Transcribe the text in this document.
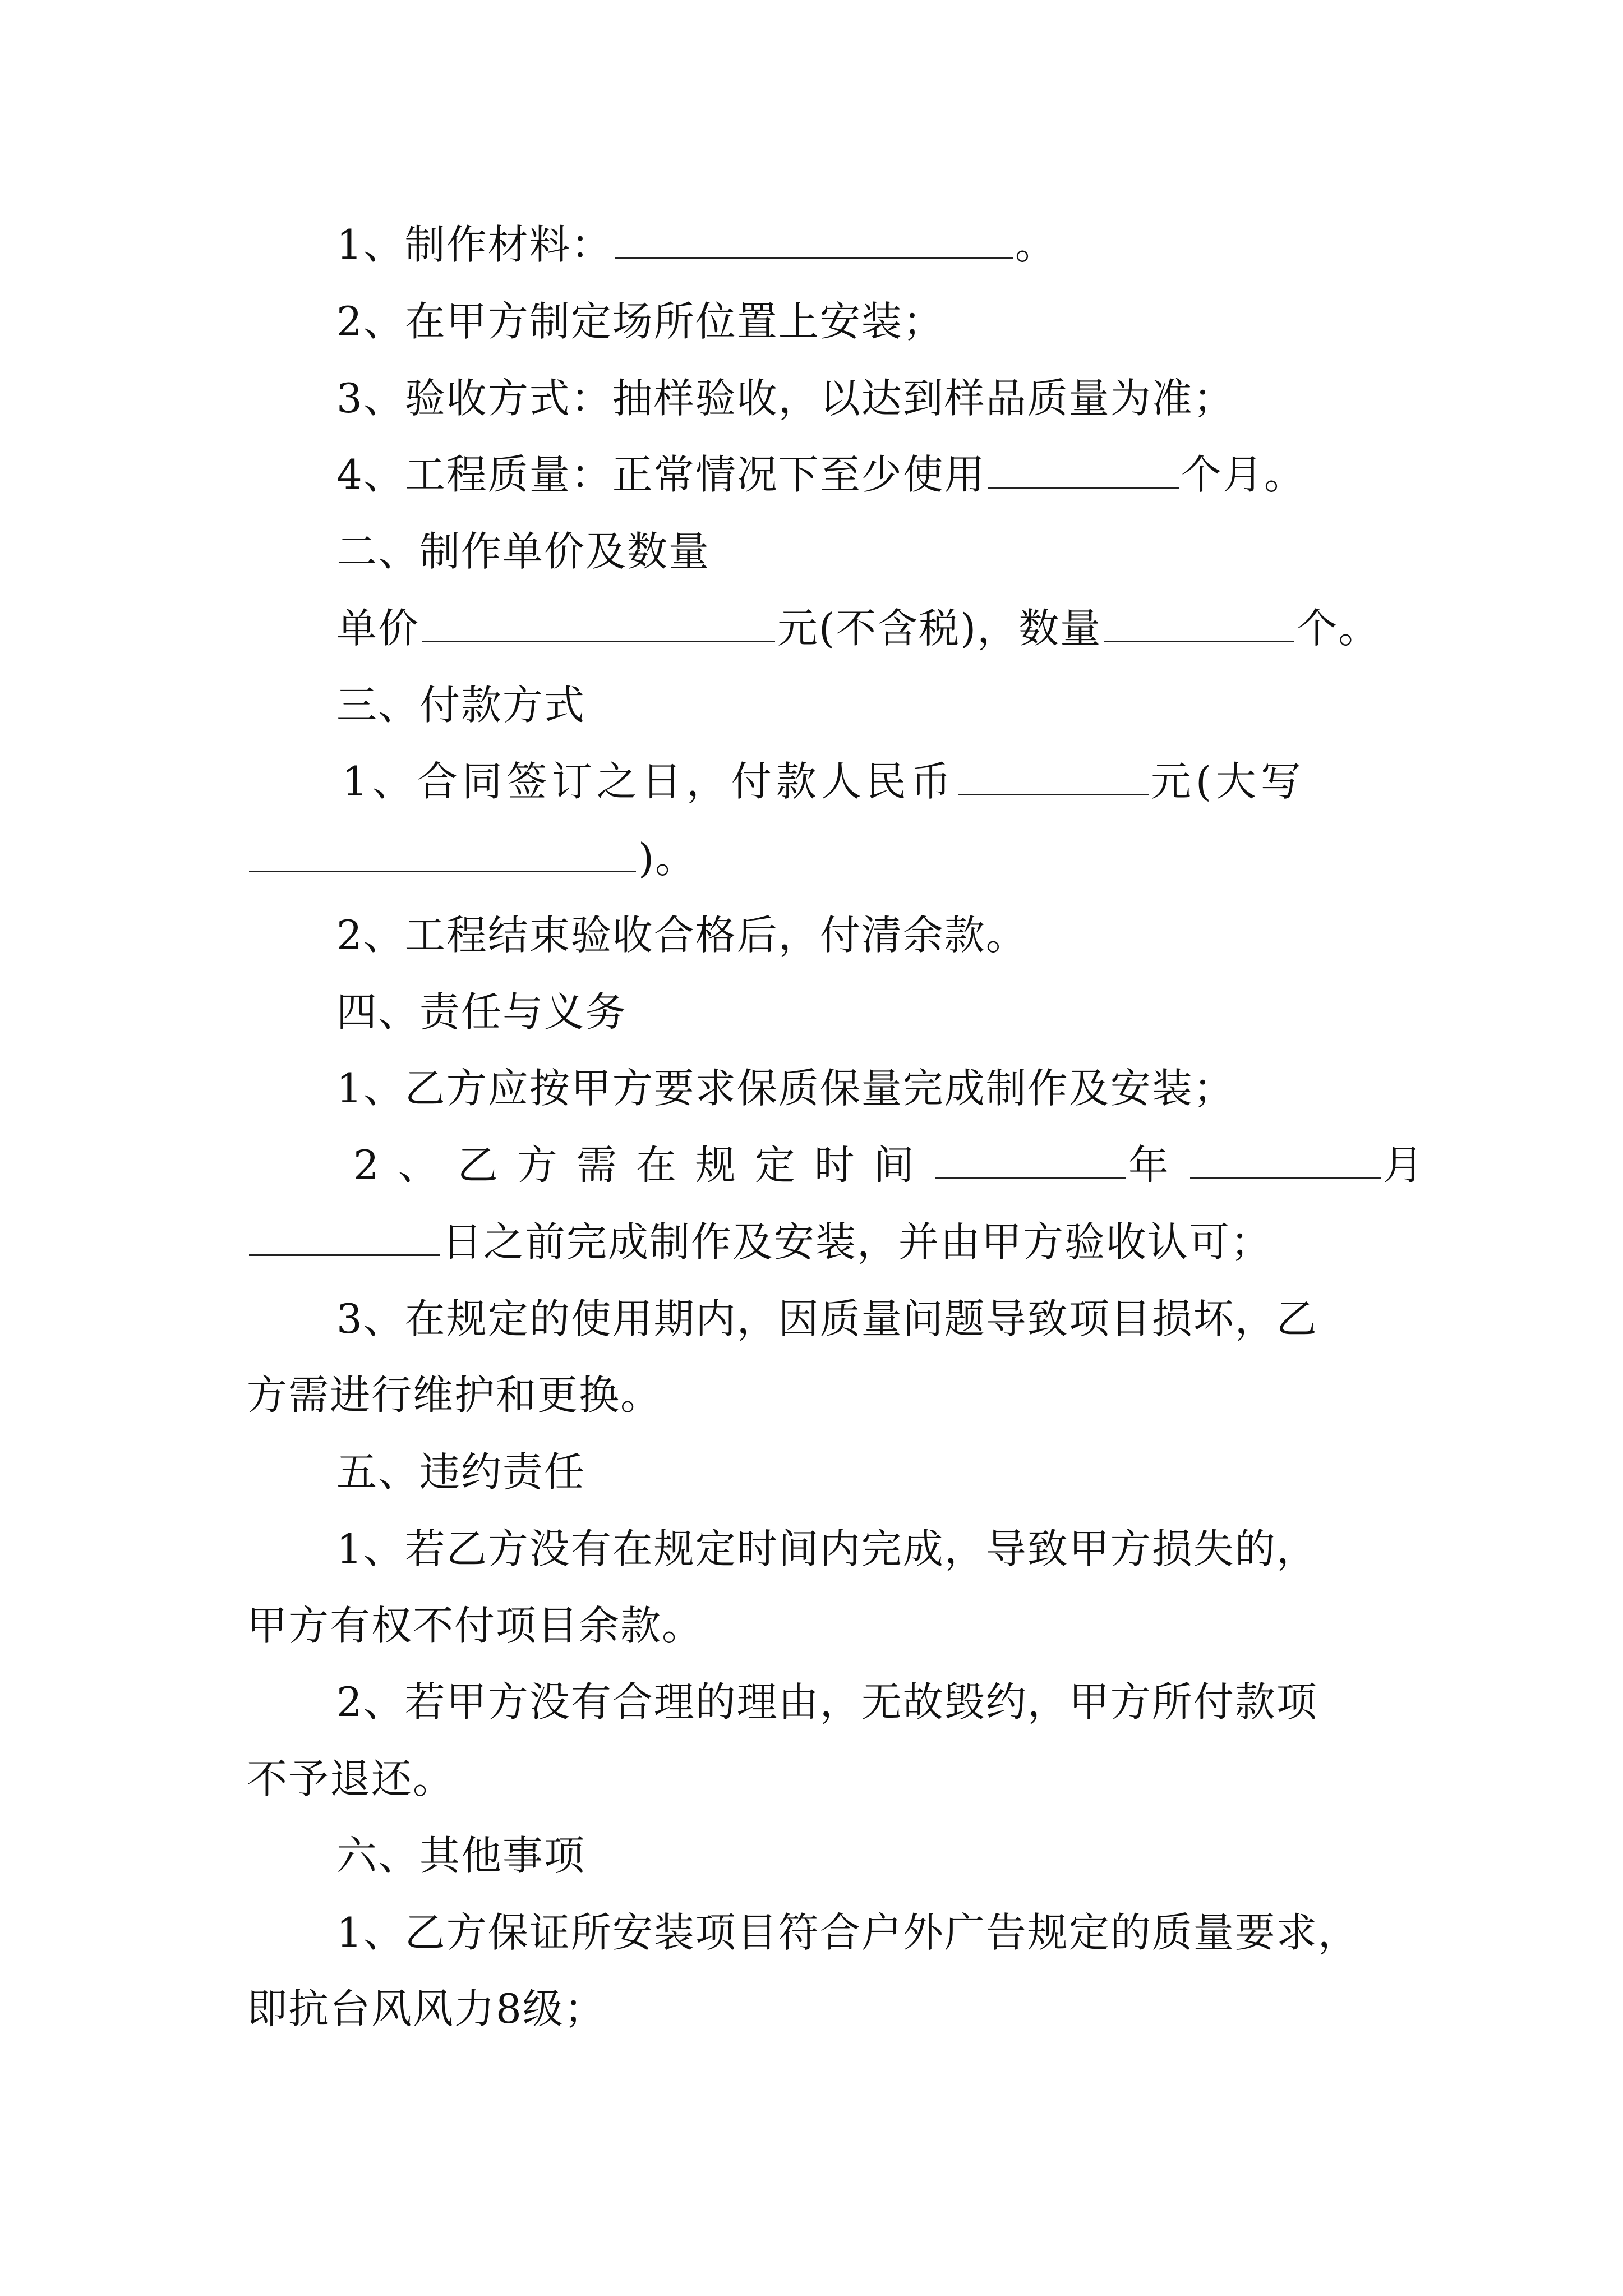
1、制作材料：	。
2、在甲方制定场所位置上安装；
3、验收方式：抽样验收，以达到样品质量为准；
4、工程质量：正常情况下至少使用	个月。
二、制作单价及数量
单价	元(不含税)，数量	个。
三、付款方式
1、合同签订之日，付款人民币	元(大写
)。
2、工程结束验收合格后，付清余款。
四、责任与义务
1、乙方应按甲方要求保质保量完成制作及安装；
2、乙方需在规定时间	年	月
日之前完成制作及安装，并由甲方验收认可；
3、在规定的使用期内，因质量问题导致项目损坏，乙
方需进行维护和更换。
五、违约责任
1、若乙方没有在规定时间内完成，导致甲方损失的，
甲方有权不付项目余款。
2、若甲方没有合理的理由，无故毁约，甲方所付款项
不予退还。
六、其他事项
1、乙方保证所安装项目符合户外广告规定的质量要求，
即抗台风风力8级；
